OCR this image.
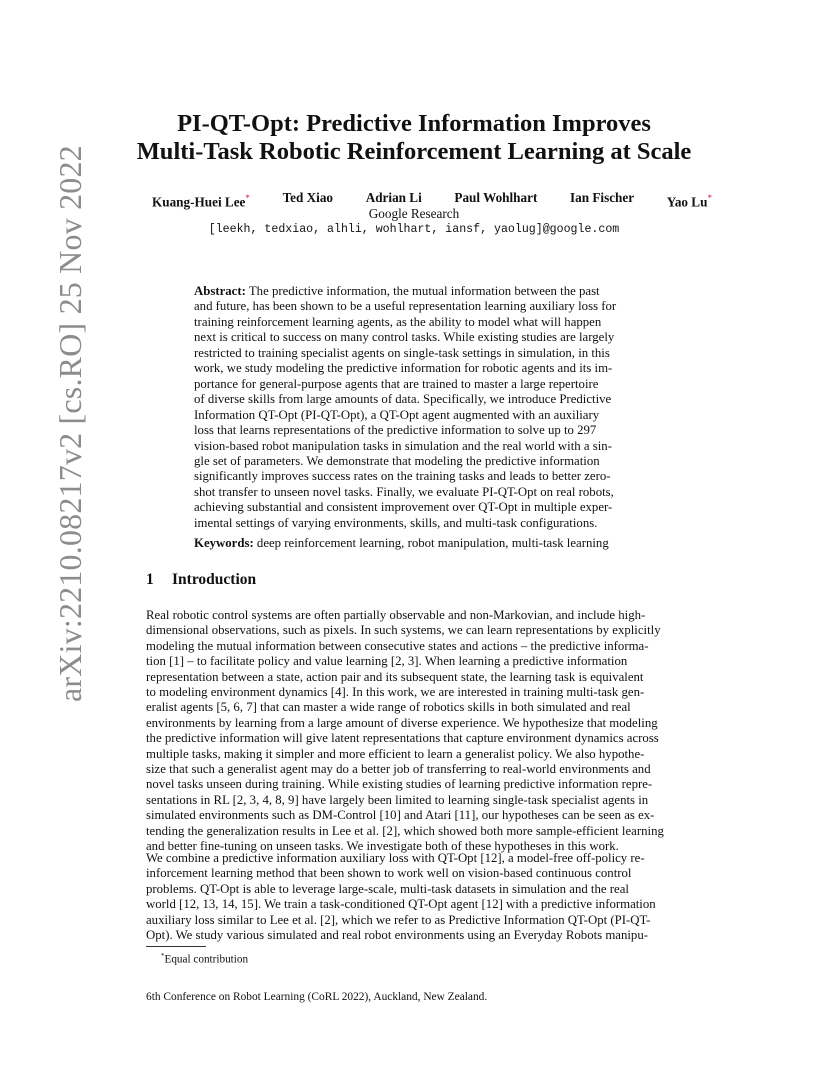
arXiv:2210.08217v2 [cs.RO] 25 Nov 2022
PI-QT-Opt: Predictive Information Improves
Multi-Task Robotic Reinforcement Learning at Scale
Kuang-Huei Lee* Ted Xiao Adrian Li Paul Wohlhart Ian Fischer Yao Lu*
Google Research
[leekh, tedxiao, alhli, wohlhart, iansf, yaolug]@google.com
Abstract: The predictive information, the mutual information between the past
and future, has been shown to be a useful representation learning auxiliary loss for
training reinforcement learning agents, as the ability to model what will happen
next is critical to success on many control tasks. While existing studies are largely
restricted to training specialist agents on single-task settings in simulation, in this
work, we study modeling the predictive information for robotic agents and its im-
portance for general-purpose agents that are trained to master a large repertoire
of diverse skills from large amounts of data. Specifically, we introduce Predictive
Information QT-Opt (PI-QT-Opt), a QT-Opt agent augmented with an auxiliary
loss that learns representations of the predictive information to solve up to 297
vision-based robot manipulation tasks in simulation and the real world with a sin-
gle set of parameters. We demonstrate that modeling the predictive information
significantly improves success rates on the training tasks and leads to better zero-
shot transfer to unseen novel tasks. Finally, we evaluate PI-QT-Opt on real robots,
achieving substantial and consistent improvement over QT-Opt in multiple exper-
imental settings of varying environments, skills, and multi-task configurations.
Keywords: deep reinforcement learning, robot manipulation, multi-task learning
1 Introduction
Real robotic control systems are often partially observable and non-Markovian, and include high-
dimensional observations, such as pixels. In such systems, we can learn representations by explicitly
modeling the mutual information between consecutive states and actions – the predictive informa-
tion [1] – to facilitate policy and value learning [2, 3]. When learning a predictive information
representation between a state, action pair and its subsequent state, the learning task is equivalent
to modeling environment dynamics [4]. In this work, we are interested in training multi-task gen-
eralist agents [5, 6, 7] that can master a wide range of robotics skills in both simulated and real
environments by learning from a large amount of diverse experience. We hypothesize that modeling
the predictive information will give latent representations that capture environment dynamics across
multiple tasks, making it simpler and more efficient to learn a generalist policy. We also hypothe-
size that such a generalist agent may do a better job of transferring to real-world environments and
novel tasks unseen during training. While existing studies of learning predictive information repre-
sentations in RL [2, 3, 4, 8, 9] have largely been limited to learning single-task specialist agents in
simulated environments such as DM-Control [10] and Atari [11], our hypotheses can be seen as ex-
tending the generalization results in Lee et al. [2], which showed both more sample-efficient learning
and better fine-tuning on unseen tasks. We investigate both of these hypotheses in this work.
We combine a predictive information auxiliary loss with QT-Opt [12], a model-free off-policy re-
inforcement learning method that been shown to work well on vision-based continuous control
problems. QT-Opt is able to leverage large-scale, multi-task datasets in simulation and the real
world [12, 13, 14, 15]. We train a task-conditioned QT-Opt agent [12] with a predictive information
auxiliary loss similar to Lee et al. [2], which we refer to as Predictive Information QT-Opt (PI-QT-
Opt). We study various simulated and real robot environments using an Everyday Robots manipu-
*Equal contribution
6th Conference on Robot Learning (CoRL 2022), Auckland, New Zealand.
